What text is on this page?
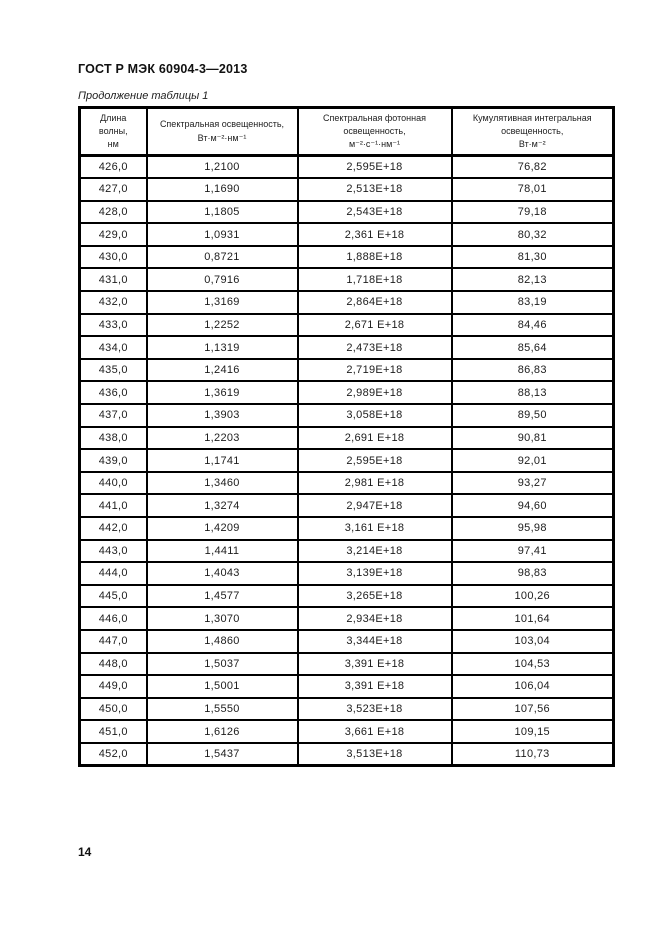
ГОСТ Р МЭК 60904-3—2013
Продолжение таблицы 1
Длина
волны,
нм

Спектральная освещенность,
Вт·м⁻²·нм⁻¹

Спектральная фотонная
освещенность,
м⁻²·с⁻¹·нм⁻¹

Кумулятивная интегральная
освещенность,
Вт·м⁻²

426,0	1,2100	2,595E+18	76,82
427,0	1,1690	2,513E+18	78,01
428,0	1,1805	2,543E+18	79,18
429,0	1,0931	2,361 E+18	80,32
430,0	0,8721	1,888E+18	81,30
431,0	0,7916	1,718E+18	82,13
432,0	1,3169	2,864E+18	83,19
433,0	1,2252	2,671 E+18	84,46
434,0	1,1319	2,473E+18	85,64
435,0	1,2416	2,719E+18	86,83
436,0	1,3619	2,989E+18	88,13
437,0	1,3903	3,058E+18	89,50
438,0	1,2203	2,691 E+18	90,81
439,0	1,1741	2,595E+18	92,01
440,0	1,3460	2,981 E+18	93,27
441,0	1,3274	2,947E+18	94,60
442,0	1,4209	3,161 E+18	95,98
443,0	1,4411	3,214E+18	97,41
444,0	1,4043	3,139E+18	98,83
445,0	1,4577	3,265E+18	100,26
446,0	1,3070	2,934E+18	101,64
447,0	1,4860	3,344E+18	103,04
448,0	1,5037	3,391 E+18	104,53
449,0	1,5001	3,391 E+18	106,04
450,0	1,5550	3,523E+18	107,56
451,0	1,6126	3,661 E+18	109,15
452,0	1,5437	3,513E+18	110,73
14
